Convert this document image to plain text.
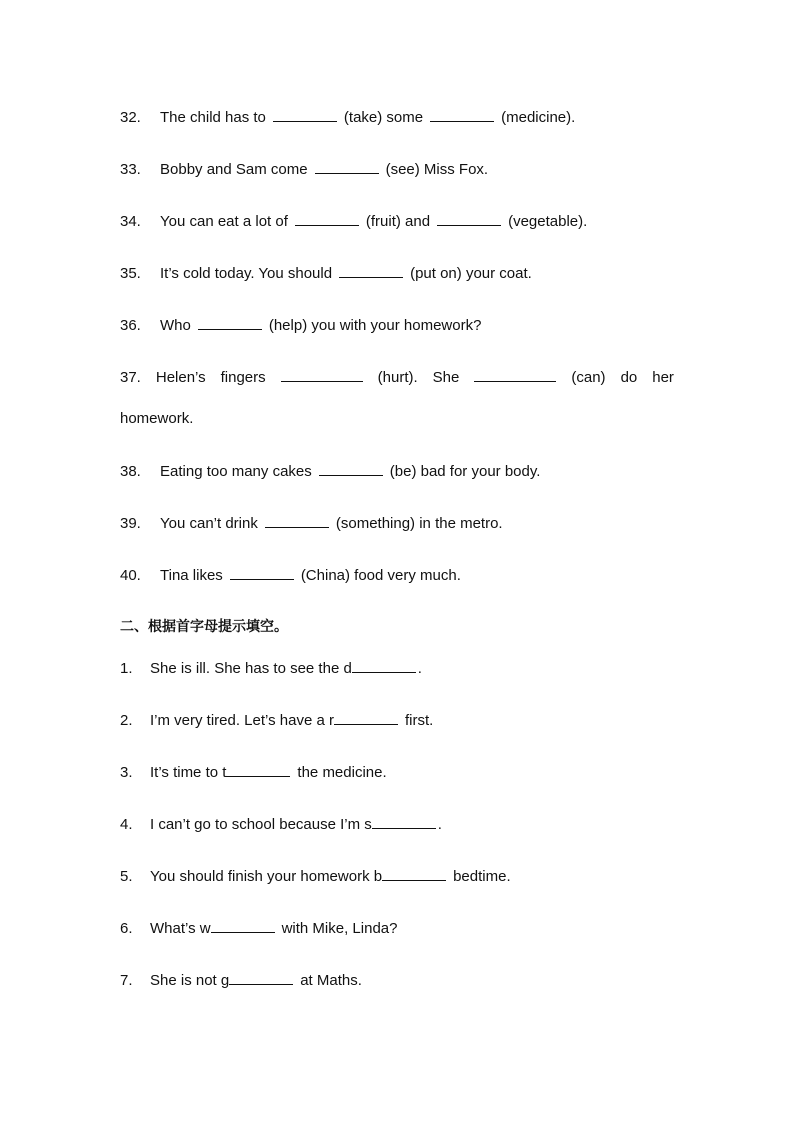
32. The child has to	(take) some	(medicine).
33. Bobby and Sam come	(see) Miss Fox.
34. You can eat a lot of	(fruit) and	(vegetable).
35. It’s cold today. You should	(put on) your coat.
36. Who	(help) you with your homework?
37. Helen’s fingers	(hurt). She	(can) do her
homework.
38. Eating too many cakes	(be) bad for your body.
39. You can’t drink	(something) in the metro.
40. Tina likes	(China) food very much.
二、根据首字母提示填空。
1. She is ill. She has to see the d	.
2. I’m very tired. Let’s have a r	first.
3. It’s time to t	the medicine.
4. I can’t go to school because I’m s	.
5. You should finish your homework b	bedtime.
6. What’s w	with Mike, Linda?
7. She is not g	at Maths.
